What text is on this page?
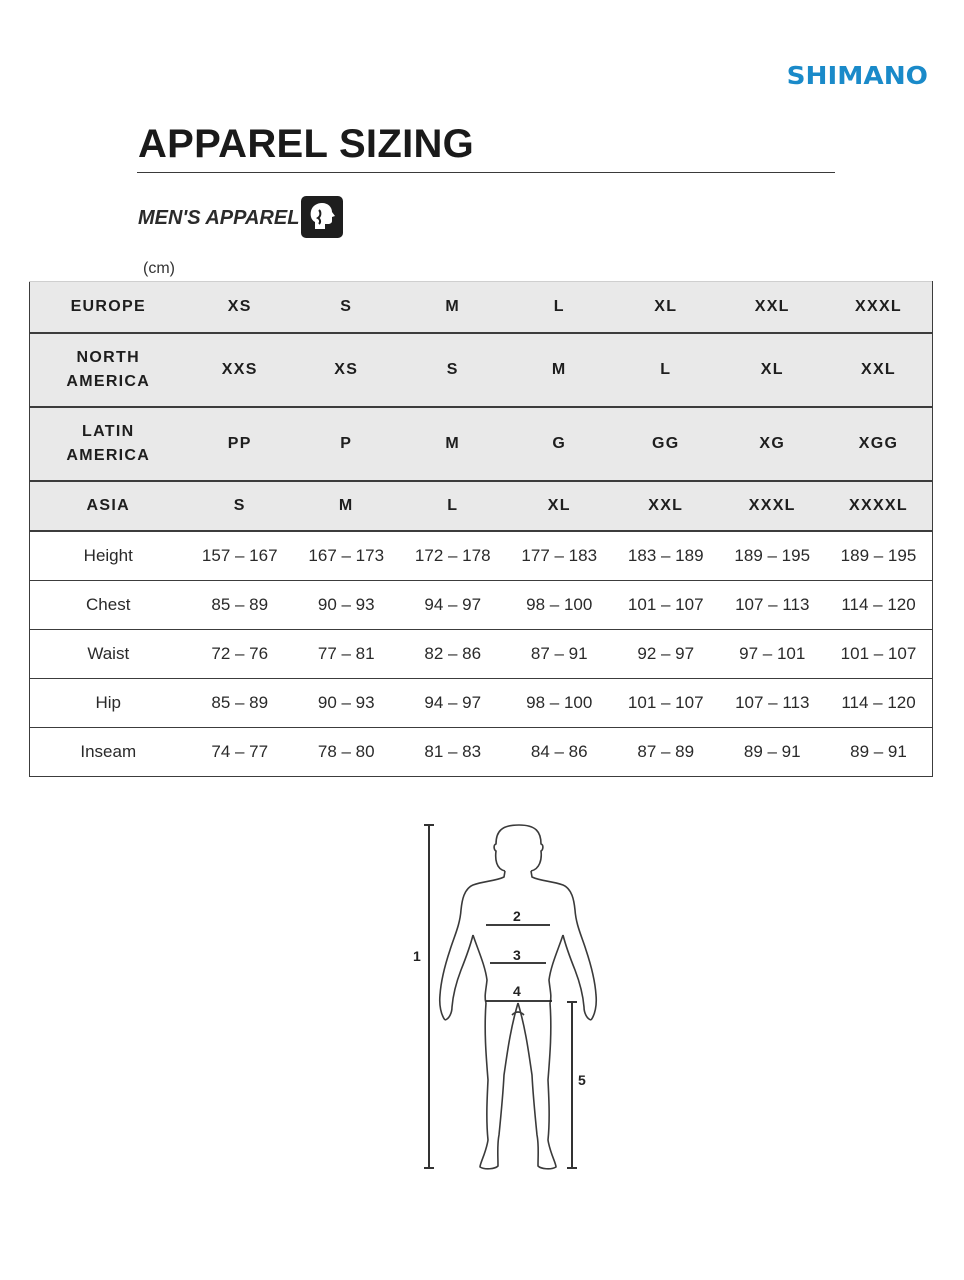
SHIMANO
APPAREL SIZING
MEN'S APPAREL
(cm)
EUROPE	XS	S	M	L	XL	XXL	XXXL

NORTH
AMERICA	XXS	XS	S	M	L	XL	XXL

LATIN
AMERICA	PP	P	M	G	GG	XG	XGG

ASIA	S	M	L	XL	XXL	XXXL	XXXXL
Height	157 – 167	167 – 173	172 – 178	177 – 183	183 – 189	189 – 195	189 – 195
Chest	85 – 89	90 – 93	94 – 97	98 – 100	101 – 107	107 – 113	114 – 120
Waist	72 – 76	77 – 81	82 – 86	87 – 91	92 – 97	97 – 101	101 – 107
Hip	85 – 89	90 – 93	94 – 97	98 – 100	101 – 107	107 – 113	114 – 120
Inseam	74 – 77	78 – 80	81 – 83	84 – 86	87 – 89	89 – 91	89 – 91
1
5
2
3
4
